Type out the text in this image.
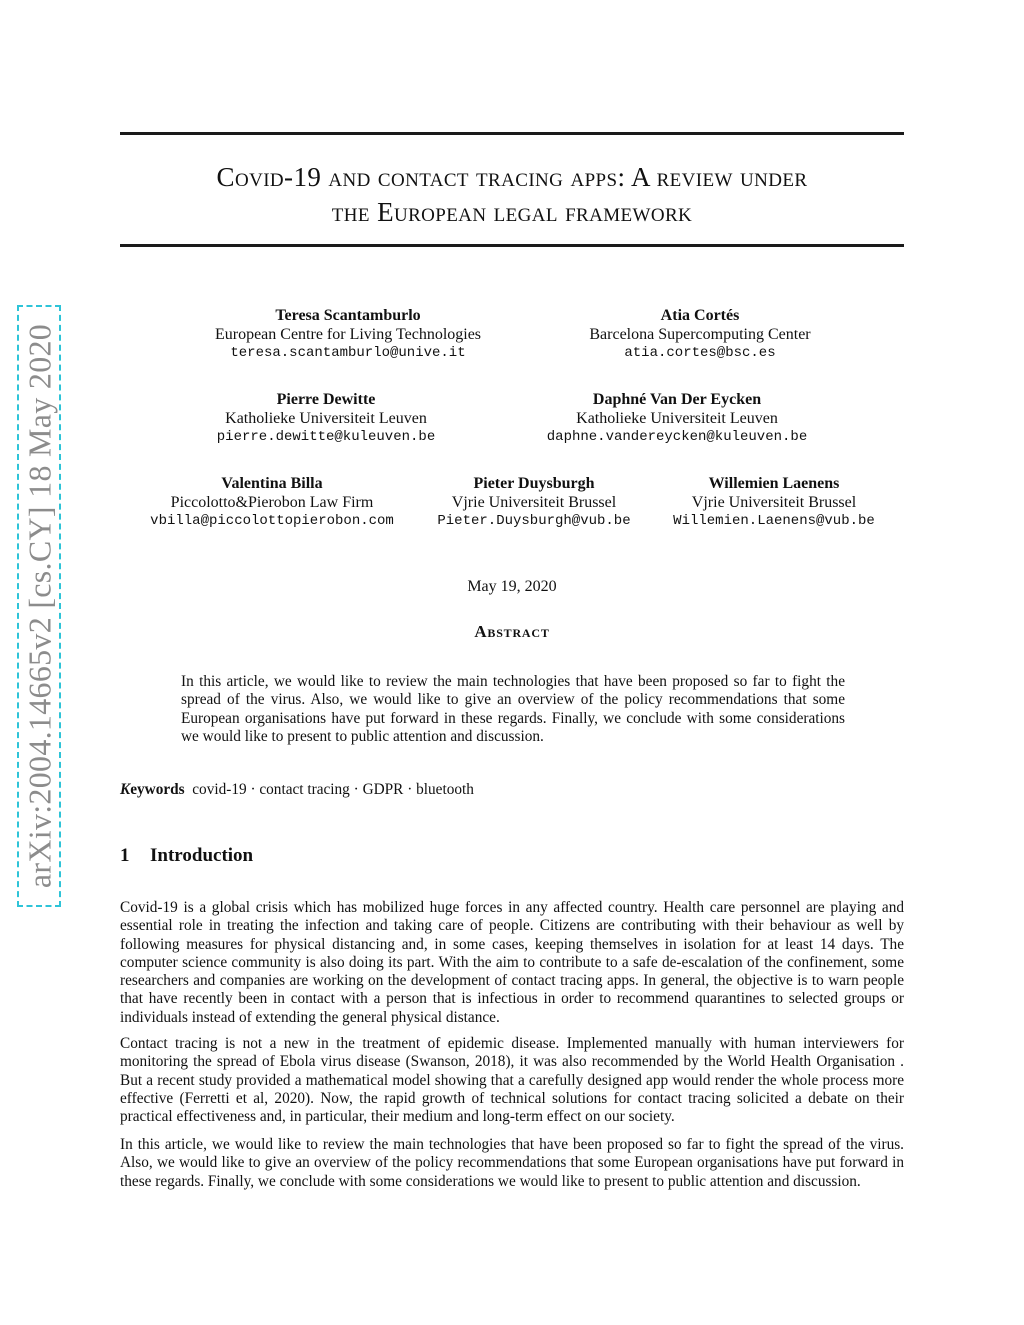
arXiv:2004.14665v2 [cs.CY] 18 May 2020
Covid-19 and contact tracing apps: A review under
the European legal framework
Teresa Scantamburlo
European Centre for Living Technologies
teresa.scantamburlo@unive.it
Atia Cortés
Barcelona Supercomputing Center
atia.cortes@bsc.es
Pierre Dewitte
Katholieke Universiteit Leuven
pierre.dewitte@kuleuven.be
Daphné Van Der Eycken
Katholieke Universiteit Leuven
daphne.vandereycken@kuleuven.be
Valentina Billa
Piccolotto&Pierobon Law Firm
vbilla@piccolottopierobon.com
Pieter Duysburgh
Vjrie Universiteit Brussel
Pieter.Duysburgh@vub.be
Willemien Laenens
Vjrie Universiteit Brussel
Willemien.Laenens@vub.be
May 19, 2020
Abstract
In this article, we would like to review the main technologies that have been proposed so far to fight the spread of the virus. Also, we would like to give an overview of the policy recommendations that some European organisations have put forward in these regards. Finally, we conclude with some considerations we would like to present to public attention and discussion.
Keywords covid-19 · contact tracing · GDPR · bluetooth
1 Introduction
Covid-19 is a global crisis which has mobilized huge forces in any affected country. Health care personnel are playing and essential role in treating the infection and taking care of people. Citizens are contributing with their behaviour as well by following measures for physical distancing and, in some cases, keeping themselves in isolation for at least 14 days. The computer science community is also doing its part. With the aim to contribute to a safe de-escalation of the confinement, some researchers and companies are working on the development of contact tracing apps. In general, the objective is to warn people that have recently been in contact with a person that is infectious in order to recommend quarantines to selected groups or individuals instead of extending the general physical distance.
Contact tracing is not a new in the treatment of epidemic disease. Implemented manually with human interviewers for monitoring the spread of Ebola virus disease (Swanson, 2018), it was also recommended by the World Health Organisation . But a recent study provided a mathematical model showing that a carefully designed app would render the whole process more effective (Ferretti et al, 2020). Now, the rapid growth of technical solutions for contact tracing solicited a debate on their practical effectiveness and, in particular, their medium and long-term effect on our society.
In this article, we would like to review the main technologies that have been proposed so far to fight the spread of the virus. Also, we would like to give an overview of the policy recommendations that some European organisations have put forward in these regards. Finally, we conclude with some considerations we would like to present to public attention and discussion.
